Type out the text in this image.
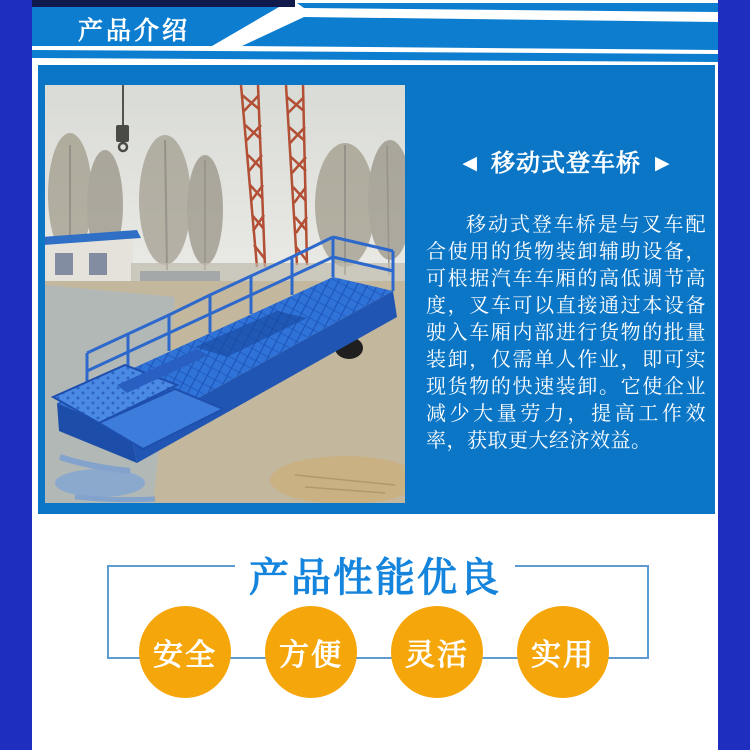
产品介绍
◀ 移动式登车桥 ▶

移动式登车桥是与叉车配合使用的货物装卸辅助设备，可根据汽车车厢的高低调节高度，叉车可以直接通过本设备驶入车厢内部进行货物的批量装卸，仅需单人作业，即可实现货物的快速装卸。它使企业减少大量劳力，提高工作效率，获取更大经济效益。

产品性能优良
安全	方便	灵活	实用
